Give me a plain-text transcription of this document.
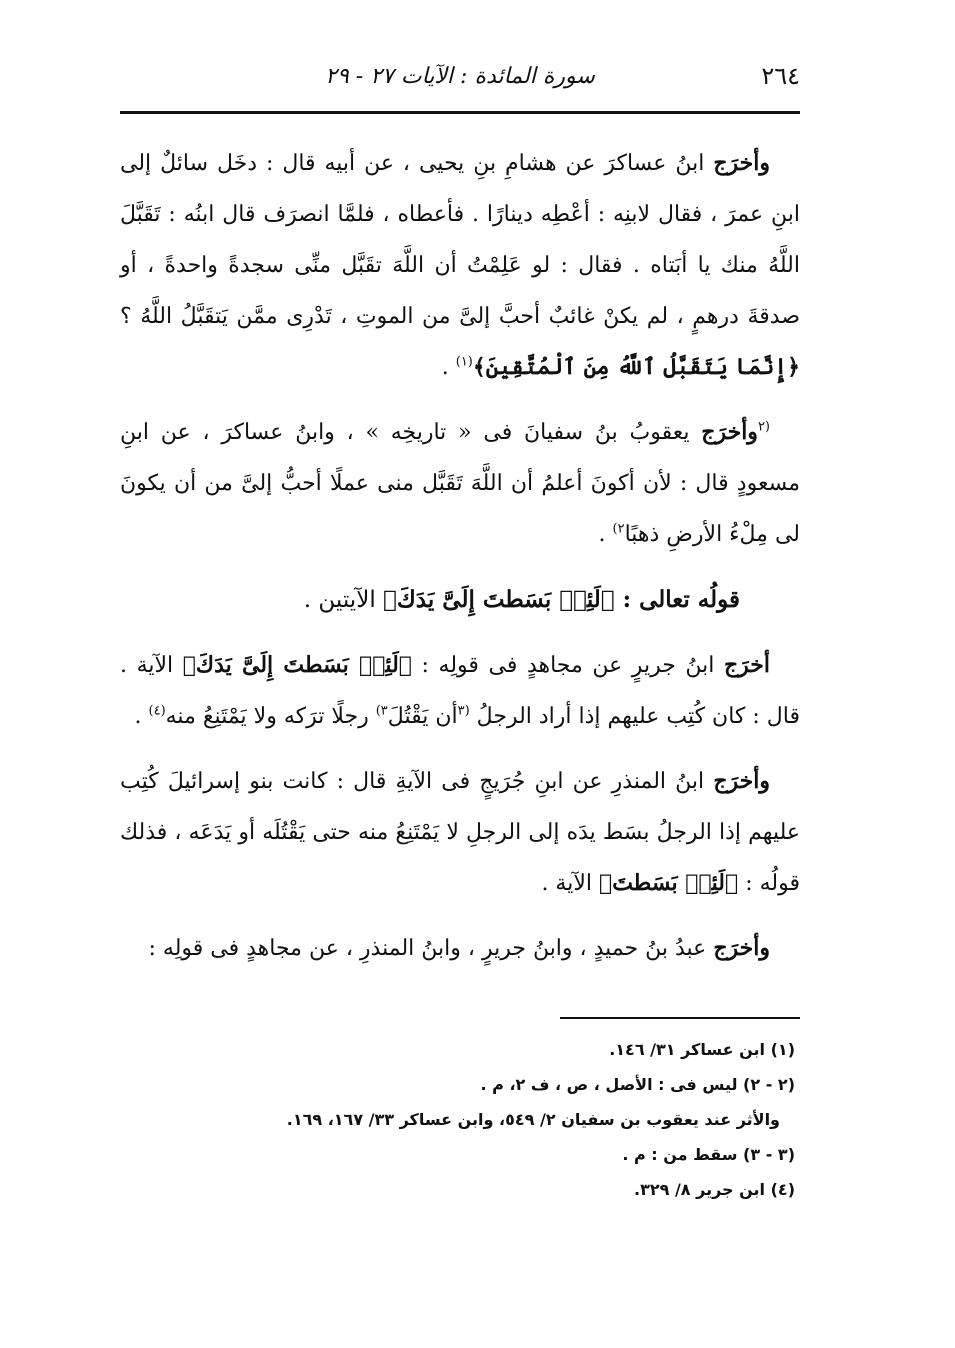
٢٦٤
سورة المائدة : الآيات ٢٧ - ٢٩

وأخرَج ابنُ عساكرَ عن هشامِ بنِ يحيى ، عن أبيه قال : دخَل سائلٌ إلى ابنِ عمرَ ، فقال لابنِه : أعْطِه دينارًا . فأعطاه ، فلمَّا انصرَف قال ابنُه : تَقَبَّلَ اللَّهُ منك يا أبَتاه . فقال : لو عَلِمْتُ أن اللَّهَ تقَبَّل منِّى سجدةً واحدةً ، أو صدقةَ درهمٍ ، لم يكنْ غائبٌ أحبَّ إلىَّ من الموتِ ، تَدْرِى ممَّن يَتقَبَّلُ اللَّهُ ؟ ﴿إِنَّمَا يَتَقَبَّلُ ٱللَّهُ مِنَ ٱلْمُتَّقِينَ﴾$^{(١)}$ .

$^{(٢}$وأخرَج يعقوبُ بنُ سفيانَ فى « تاريخِه » ، وابنُ عساكرَ ، عن ابنِ مسعودٍ قال : لأن أكونَ أعلمُ أن اللَّهَ تَقَبَّل منى عملًا أحبُّ إلىَّ من أن يكونَ لى مِلْءُ الأرضِ ذهبًا$^{٢)}$ .

قولُه تعالى : ﴿لَئِنۢ بَسَطتَ إِلَىَّ يَدَكَ﴾ الآيتين .

أخرَج ابنُ جريرٍ عن مجاهدٍ فى قولِه : ﴿لَئِنۢ بَسَطتَ إِلَىَّ يَدَكَ﴾ الآية . قال : كان كُتِب عليهم إذا أراد الرجلُ $^{(٣}$أن يَقْتُلَ$^{٣)}$ رجلًا ترَكه ولا يَمْتَنِعُ منه$^{(٤)}$ .

وأخرَج ابنُ المنذرِ عن ابنِ جُرَيجٍ فى الآيةِ قال : كانت بنو إسرائيلَ كُتِب عليهم إذا الرجلُ بسَط يدَه إلى الرجلِ لا يَمْتَنِعُ منه حتى يَقْتُلَه أو يَدَعَه ، فذلك قولُه : ﴿لَئِنۢ بَسَطتَ﴾ الآية .

وأخرَج عبدُ بنُ حميدٍ ، وابنُ جريرٍ ، وابنُ المنذرِ ، عن مجاهدٍ فى قولِه :

(١) ابن عساكر ٣١/ ١٤٦.

(٢ - ٢) ليس فى : الأصل ، ص ، ف ٢، م .

والأثر عند يعقوب بن سفيان ٢/ ٥٤٩، وابن عساكر ٣٣/ ١٦٧، ١٦٩.

(٣ - ٣) سقط من : م .

(٤) ابن جرير ٨/ ٣٢٩.
